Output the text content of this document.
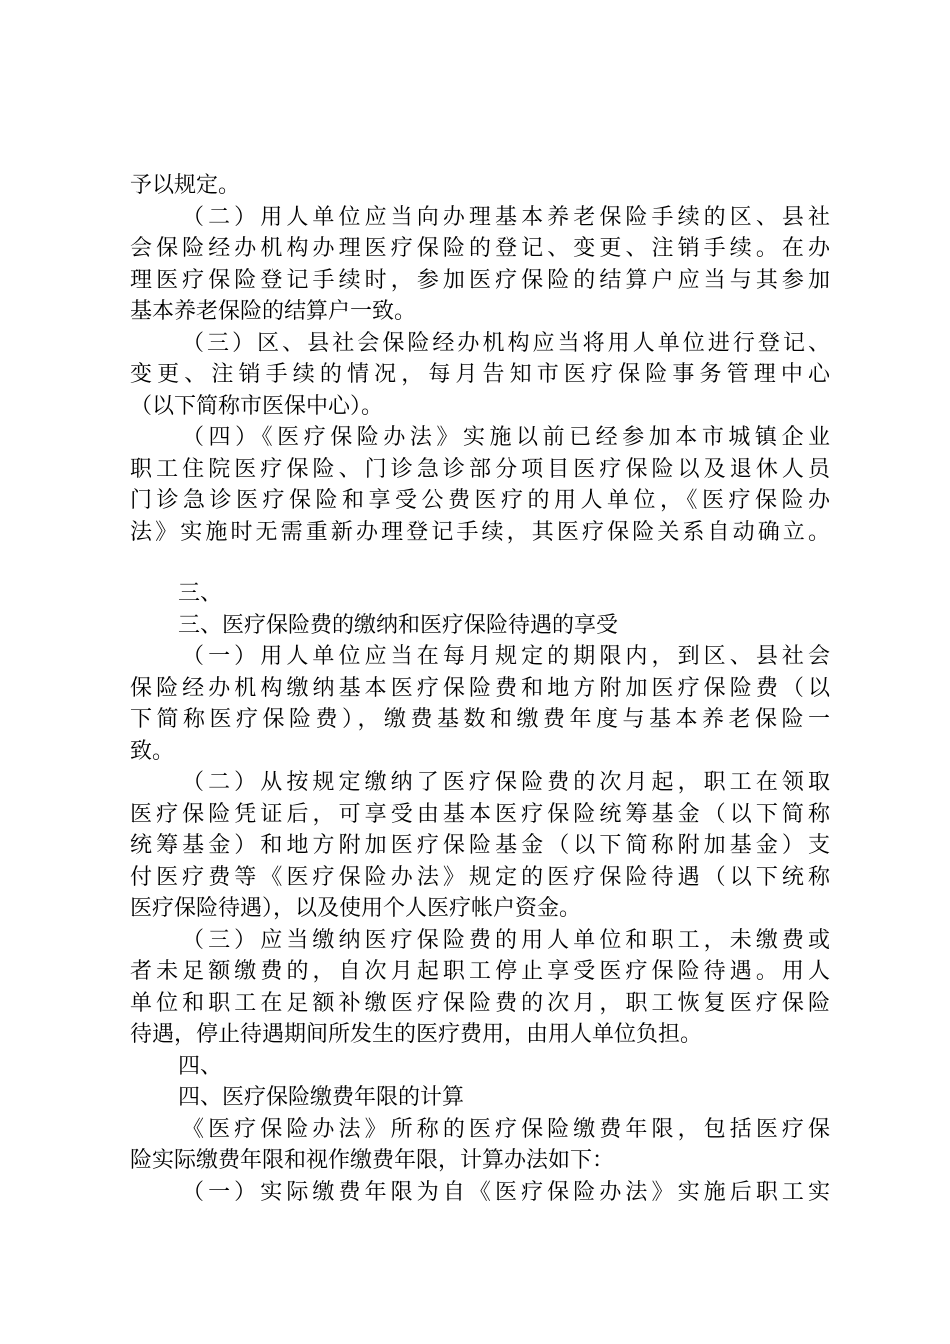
予以规定。
（二）用人单位应当向办理基本养老保险手续的区、县社
会保险经办机构办理医疗保险的登记、变更、注销手续。在办
理医疗保险登记手续时，参加医疗保险的结算户应当与其参加
基本养老保险的结算户一致。
（三）区、县社会保险经办机构应当将用人单位进行登记、
变更、注销手续的情况，每月告知市医疗保险事务管理中心
（以下简称市医保中心）。
（四）《医疗保险办法》实施以前已经参加本市城镇企业
职工住院医疗保险、门诊急诊部分项目医疗保险以及退休人员
门诊急诊医疗保险和享受公费医疗的用人单位，《医疗保险办
法》实施时无需重新办理登记手续，其医疗保险关系自动确立。
三、
三、医疗保险费的缴纳和医疗保险待遇的享受
（一）用人单位应当在每月规定的期限内，到区、县社会
保险经办机构缴纳基本医疗保险费和地方附加医疗保险费（以
下简称医疗保险费），缴费基数和缴费年度与基本养老保险一
致。
（二）从按规定缴纳了医疗保险费的次月起，职工在领取
医疗保险凭证后，可享受由基本医疗保险统筹基金（以下简称
统筹基金）和地方附加医疗保险基金（以下简称附加基金）支
付医疗费等《医疗保险办法》规定的医疗保险待遇（以下统称
医疗保险待遇），以及使用个人医疗帐户资金。
（三）应当缴纳医疗保险费的用人单位和职工，未缴费或
者未足额缴费的，自次月起职工停止享受医疗保险待遇。用人
单位和职工在足额补缴医疗保险费的次月，职工恢复医疗保险
待遇，停止待遇期间所发生的医疗费用，由用人单位负担。
四、
四、医疗保险缴费年限的计算
《医疗保险办法》所称的医疗保险缴费年限，包括医疗保
险实际缴费年限和视作缴费年限，计算办法如下：
（一）实际缴费年限为自《医疗保险办法》实施后职工实
